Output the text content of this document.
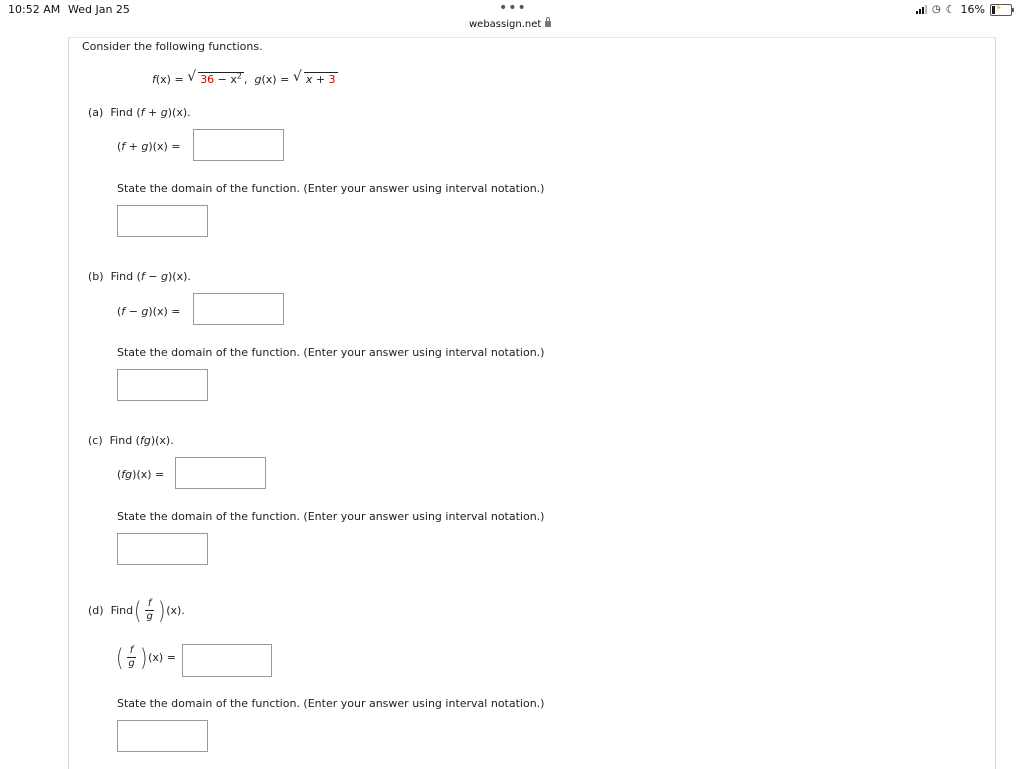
10:52 AM Wed Jan 25	•••
webassign.net
◷ ☾ 16% ⚡
Consider the following functions.
f(x) = √ $36 - x^2$ , g(x) = √ x + 3
(a) Find (f + g)(x).
(f + g)(x) =
State the domain of the function. (Enter your answer using interval notation.)
(b) Find (f − g)(x).
(f − g)(x) =
State the domain of the function. (Enter your answer using interval notation.)
(c) Find (fg)(x).
(fg)(x) =
State the domain of the function. (Enter your answer using interval notation.)
(d)
Find ( $\frac{f}{g}$ ) (x).
( $\frac{f}{g}$ ) (x) =
State the domain of the function. (Enter your answer using interval notation.)
